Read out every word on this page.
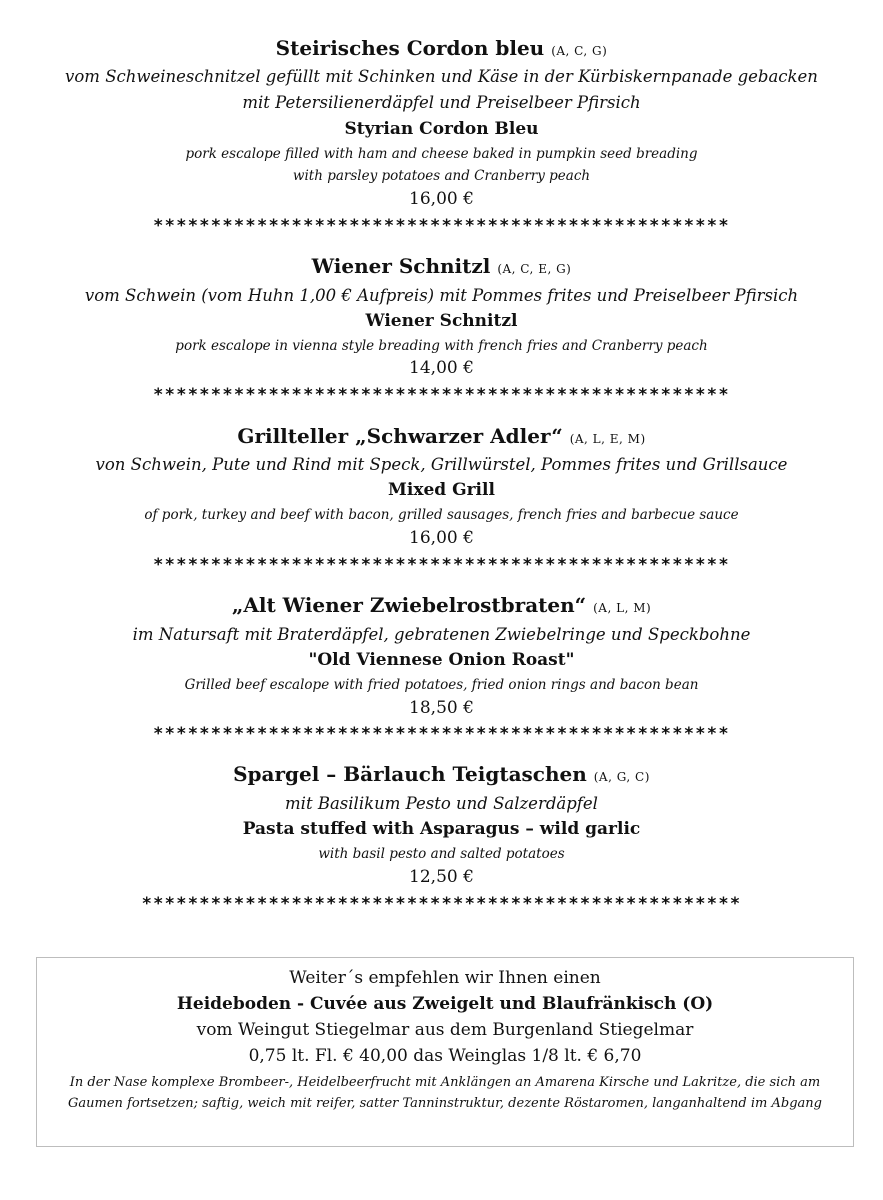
Steirisches Cordon bleu (A, C, G)
vom Schweineschnitzel gefüllt mit Schinken und Käse in der Kürbiskernpanade gebacken
mit Petersilienerdäpfel und Preiselbeer Pfirsich
Styrian Cordon Bleu
pork escalope filled with ham and cheese baked in pumpkin seed breading
with parsley potatoes and Cranberry peach
16,00 €
**************************************************
Wiener Schnitzl (A, C, E, G)
vom Schwein (vom Huhn 1,00 € Aufpreis) mit Pommes frites und Preiselbeer Pfirsich
Wiener Schnitzl
pork escalope in vienna style breading with french fries and Cranberry peach
14,00 €
**************************************************
Grillteller „Schwarzer Adler“ (A, L, E, M)
von Schwein, Pute und Rind mit Speck, Grillwürstel, Pommes frites und Grillsauce
Mixed Grill
of pork, turkey and beef with bacon, grilled sausages, french fries and barbecue sauce
16,00 €
**************************************************
„Alt Wiener Zwiebelrostbraten“ (A, L, M)
im Natursaft mit Braterdäpfel, gebratenen Zwiebelringe und Speckbohne
"Old Viennese Onion Roast"
Grilled beef escalope with fried potatoes, fried onion rings and bacon bean
18,50 €
**************************************************
Spargel – Bärlauch Teigtaschen (A, G, C)
mit Basilikum Pesto und Salzerdäpfel
Pasta stuffed with Asparagus – wild garlic
with basil pesto and salted potatoes
12,50 €
****************************************************
Weiter´s empfehlen wir Ihnen einen
Heideboden - Cuvée aus Zweigelt und Blaufränkisch (O)
vom Weingut Stiegelmar aus dem Burgenland Stiegelmar
0,75 lt. Fl. € 40,00 das Weinglas 1/8 lt. € 6,70
In der Nase komplexe Brombeer-, Heidelbeerfrucht mit Anklängen an Amarena Kirsche und Lakritze, die sich am
Gaumen fortsetzen; saftig, weich mit reifer, satter Tanninstruktur, dezente Röstaromen, langanhaltend im Abgang
